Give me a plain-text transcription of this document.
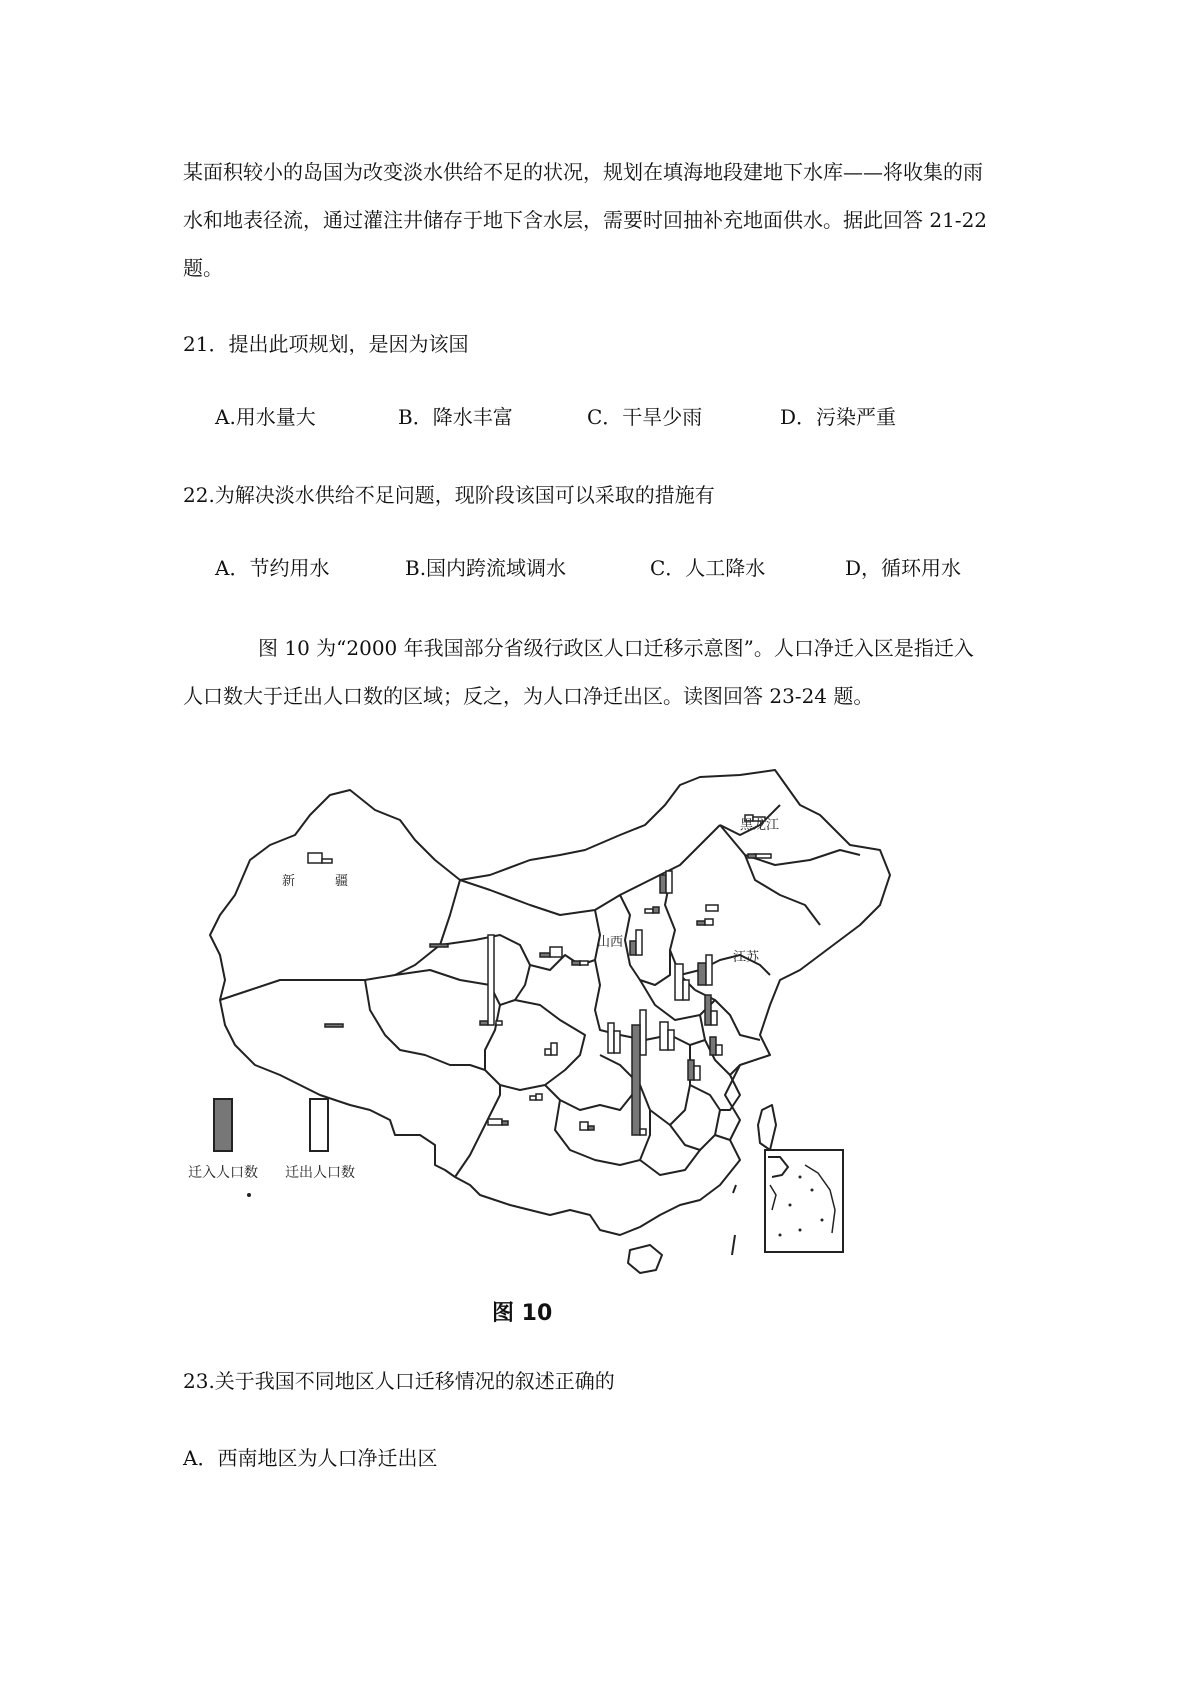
某面积较小的岛国为改变淡水供给不足的状况，规划在填海地段建地下水库——将收集的雨
水和地表径流，通过灌注井储存于地下含水层，需要时回抽补充地面供水。据此回答 21-22
题。
21．提出此项规划，是因为该国
A.用水量大	B．降水丰富	C．干旱少雨	D．污染严重
22.为解决淡水供给不足问题，现阶段该国可以采取的措施有
A．节约用水	B.国内跨流域调水	C．人工降水	D，循环用水
图 10 为“2000 年我国部分省级行政区人口迁移示意图”。人口净迁入区是指迁入
人口数大于迁出人口数的区域；反之，为人口净迁出区。读图回答 23-24 题。
黑龙江
新	疆
山西
江苏
迁入人口数 迁出人口数
图 10
23.关于我国不同地区人口迁移情况的叙述正确的
A．西南地区为人口净迁出区
